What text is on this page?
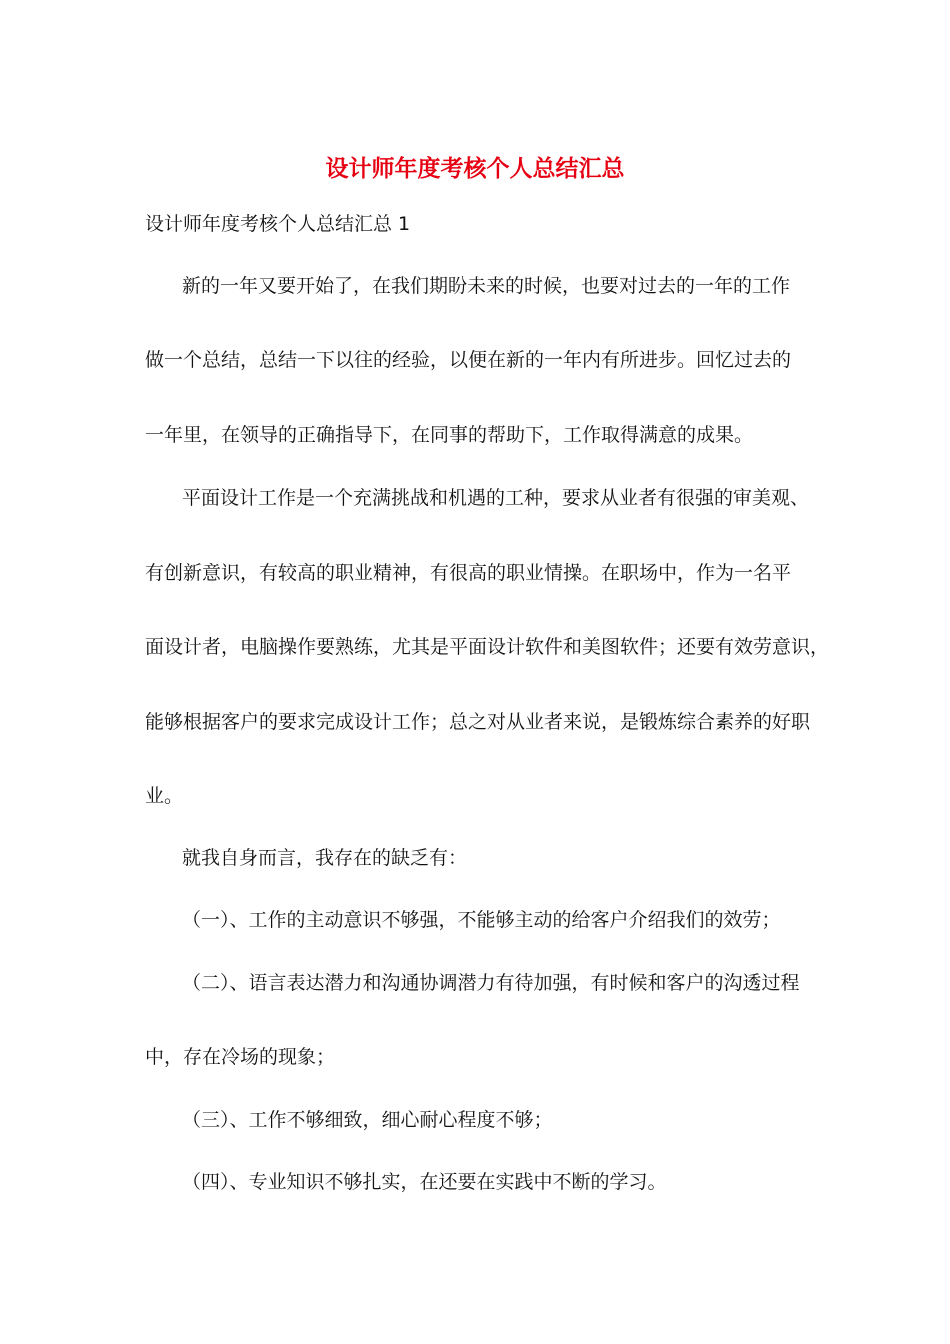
设计师年度考核个人总结汇总

设计师年度考核个人总结汇总 1

新的一年又要开始了，在我们期盼未来的时候，也要对过去的一年的工作

做一个总结，总结一下以往的经验，以便在新的一年内有所进步。回忆过去的

一年里，在领导的正确指导下，在同事的帮助下，工作取得满意的成果。

平面设计工作是一个充满挑战和机遇的工种，要求从业者有很强的审美观、

有创新意识，有较高的职业精神，有很高的职业情操。在职场中，作为一名平

面设计者，电脑操作要熟练，尤其是平面设计软件和美图软件；还要有效劳意识，

能够根据客户的要求完成设计工作；总之对从业者来说，是锻炼综合素养的好职

业。

就我自身而言，我存在的缺乏有：

（一）、工作的主动意识不够强，不能够主动的给客户介绍我们的效劳；

（二）、语言表达潜力和沟通协调潜力有待加强，有时候和客户的沟透过程

中，存在冷场的现象；

（三）、工作不够细致，细心耐心程度不够；

（四）、专业知识不够扎实，在还要在实践中不断的学习。
